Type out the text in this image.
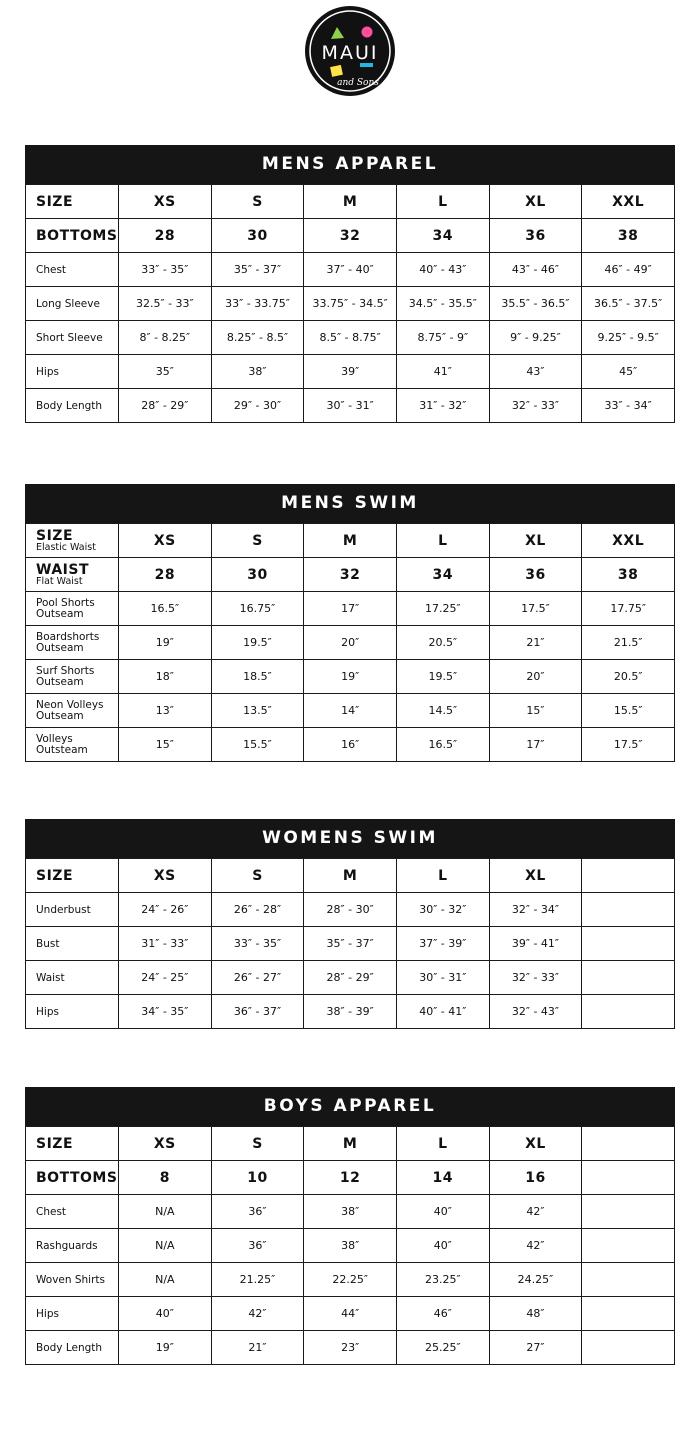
MAUI
and Sons
MENS APPAREL
SIZE	XS	S	M	L	XL	XXL
BOTTOMS	28	30	32	34	36	38
Chest	33″ - 35″	35″ - 37″	37″ - 40″	40″ - 43″	43″ - 46″	46″ - 49″
Long Sleeve	32.5″ - 33″	33″ - 33.75″	33.75″ - 34.5″	34.5″ - 35.5″	35.5″ - 36.5″	36.5″ - 37.5″
Short Sleeve	8″ - 8.25″	8.25″ - 8.5″	8.5″ - 8.75″	8.75″ - 9″	9″ - 9.25″	9.25″ - 9.5″
Hips	35″	38″	39″	41″	43″	45″
Body Length	28″ - 29″	29″ - 30″	30″ - 31″	31″ - 32″	32″ - 33″	33″ - 34″
MENS SWIM
SIZE
Elastic Waist	XS	S	M	L	XL	XXL

WAIST
Flat Waist	28	30	32	34	36	38

Pool Shorts
Outseam	16.5″	16.75″	17″	17.25″	17.5″	17.75″

Boardshorts
Outseam	19″	19.5″	20″	20.5″	21″	21.5″

Surf Shorts
Outseam	18″	18.5″	19″	19.5″	20″	20.5″

Neon Volleys
Outseam	13″	13.5″	14″	14.5″	15″	15.5″

Volleys
Outsteam	15″	15.5″	16″	16.5″	17″	17.5″
WOMENS SWIM
SIZE	XS	S	M	L	XL	
Underbust	24″ - 26″	26″ - 28″	28″ - 30″	30″ - 32″	32″ - 34″	
Bust	31″ - 33″	33″ - 35″	35″ - 37″	37″ - 39″	39″ - 41″	
Waist	24″ - 25″	26″ - 27″	28″ - 29″	30″ - 31″	32″ - 33″	
Hips	34″ - 35″	36″ - 37″	38″ - 39″	40″ - 41″	32″ - 43″	
BOYS APPAREL
SIZE	XS	S	M	L	XL	
BOTTOMS	8	10	12	14	16	
Chest	N/A	36″	38″	40″	42″	
Rashguards	N/A	36″	38″	40″	42″	
Woven Shirts	N/A	21.25″	22.25″	23.25″	24.25″	
Hips	40″	42″	44″	46″	48″	
Body Length	19″	21″	23″	25.25″	27″	
